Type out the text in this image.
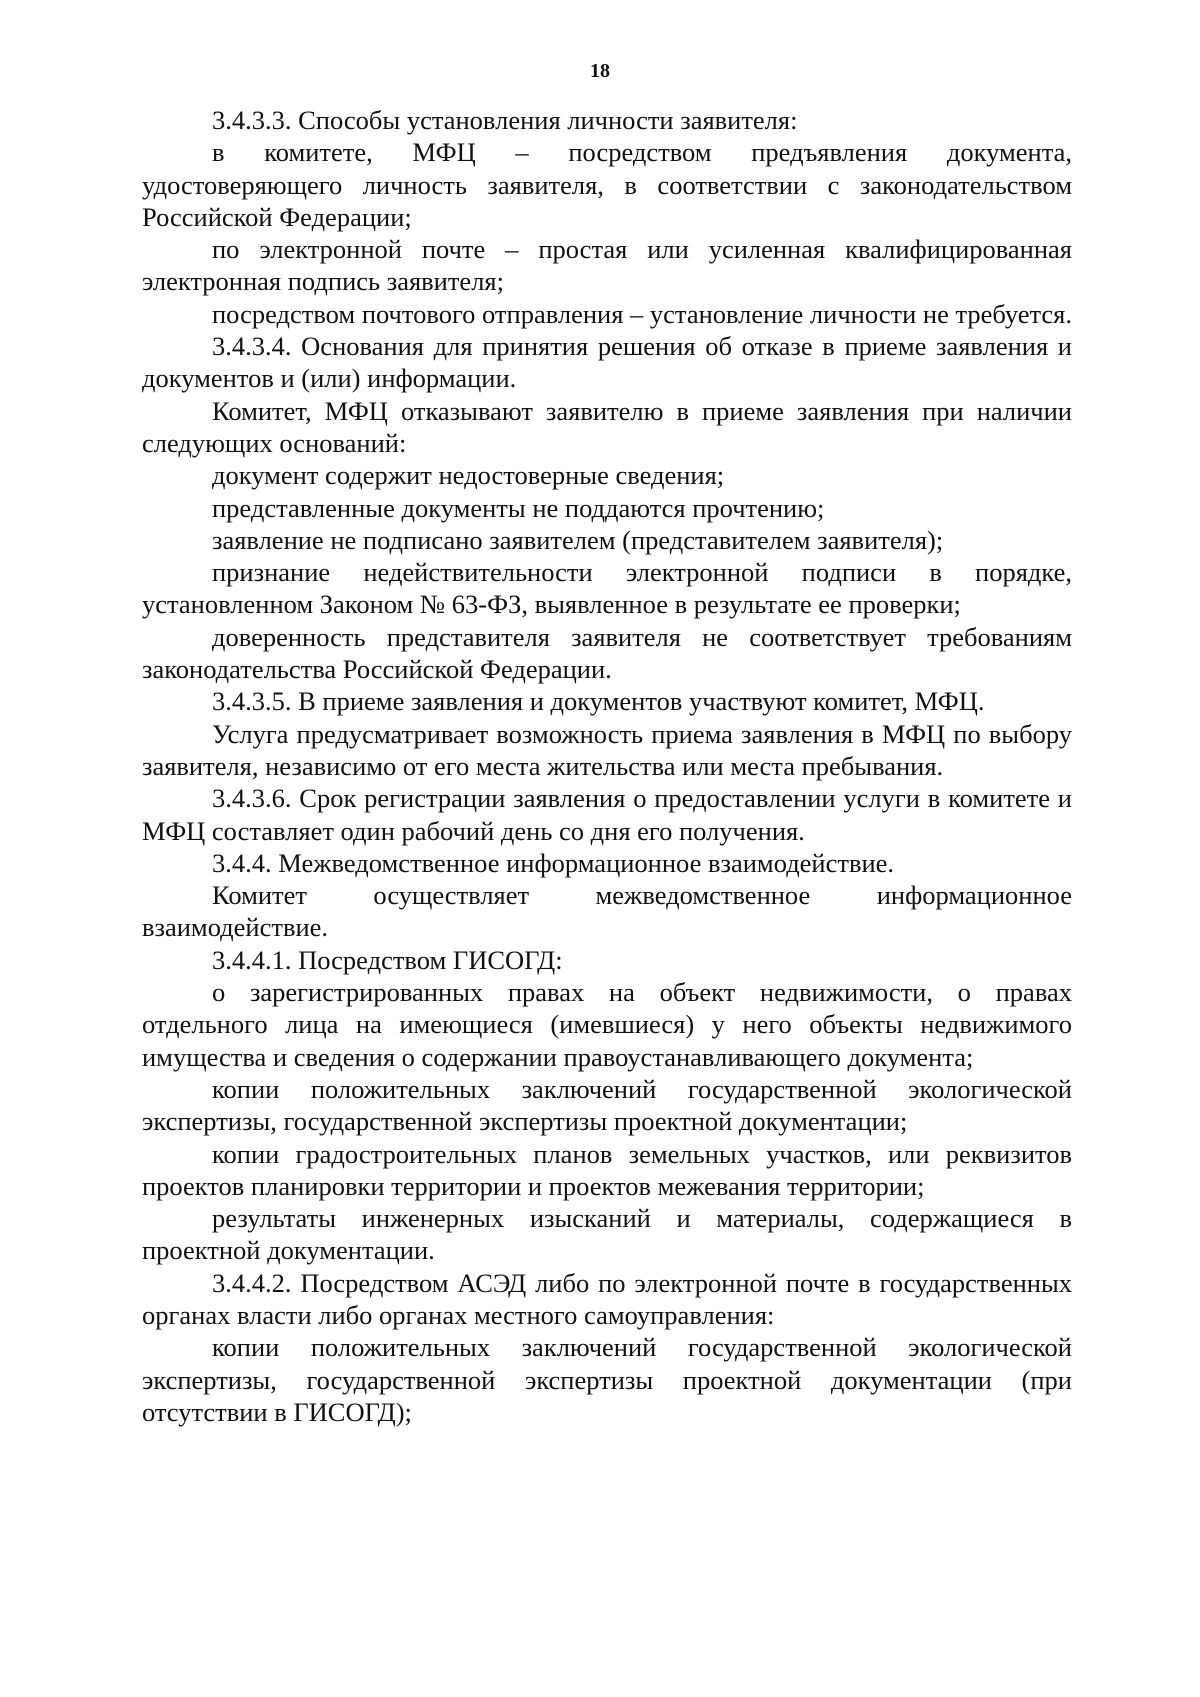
18

3.4.3.3. Способы установления личности заявителя:

в комитете, МФЦ – посредством предъявления документа, удостоверяющего личность заявителя, в соответствии с законодательством Российской Федерации;

по электронной почте – простая или усиленная квалифицированная электронная подпись заявителя;

посредством почтового отправления – установление личности не требуется.

3.4.3.4. Основания для принятия решения об отказе в приеме заявления и документов и (или) информации.

Комитет, МФЦ отказывают заявителю в приеме заявления при наличии следующих оснований:

документ содержит недостоверные сведения;

представленные документы не поддаются прочтению;

заявление не подписано заявителем (представителем заявителя);

признание недействительности электронной подписи в порядке, установленном Законом № 63-ФЗ, выявленное в результате ее проверки;

доверенность представителя заявителя не соответствует требованиям законодательства Российской Федерации.

3.4.3.5. В приеме заявления и документов участвуют комитет, МФЦ.

Услуга предусматривает возможность приема заявления в МФЦ по выбору заявителя, независимо от его места жительства или места пребывания.

3.4.3.6. Срок регистрации заявления о предоставлении услуги в комитете и МФЦ составляет один рабочий день со дня его получения.

3.4.4. Межведомственное информационное взаимодействие.

Комитет осуществляет межведомственное информационное взаимодействие.

3.4.4.1. Посредством ГИСОГД:

о зарегистрированных правах на объект недвижимости, о правах отдельного лица на имеющиеся (имевшиеся) у него объекты недвижимого имущества и сведения о содержании правоустанавливающего документа;

копии положительных заключений государственной экологической экспертизы, государственной экспертизы проектной документации;

копии градостроительных планов земельных участков, или реквизитов проектов планировки территории и проектов межевания территории;

результаты инженерных изысканий и материалы, содержащиеся в проектной документации.

3.4.4.2. Посредством АСЭД либо по электронной почте в государственных органах власти либо органах местного самоуправления:

копии положительных заключений государственной экологической экспертизы, государственной экспертизы проектной документации (при отсутствии в ГИСОГД);
